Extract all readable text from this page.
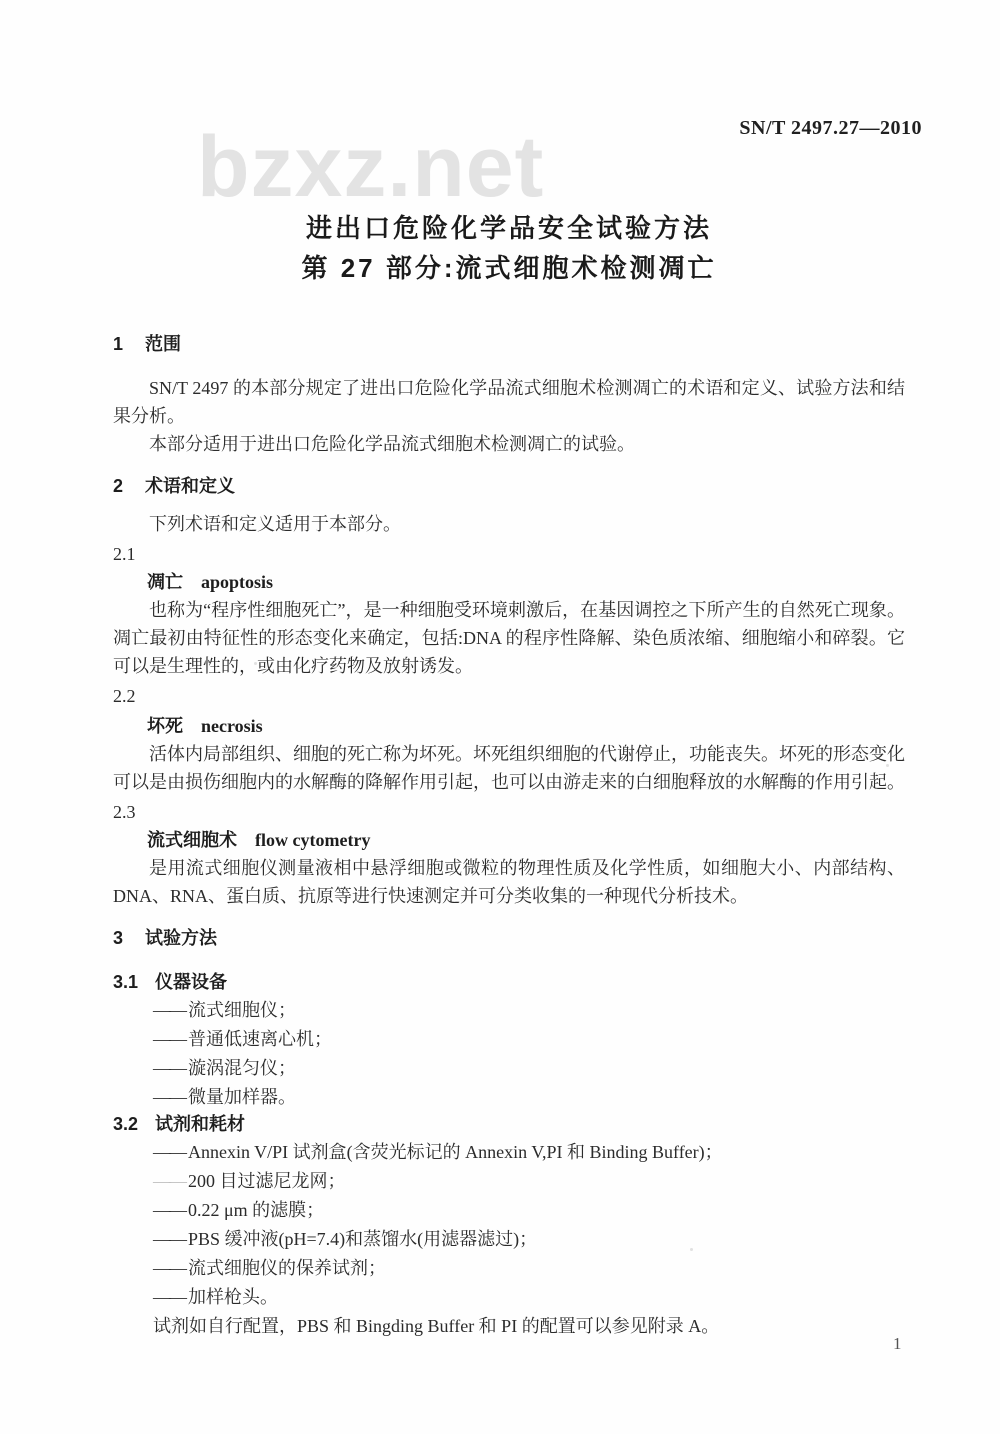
bzxz.net	SN/T 2497.27—2010
进出口危险化学品安全试验方法
第 27 部分:流式细胞术检测凋亡
1 范围

SN/T 2497 的本部分规定了进出口危险化学品流式细胞术检测凋亡的术语和定义、试验方法和结果分析。

本部分适用于进出口危险化学品流式细胞术检测凋亡的试验。

2 术语和定义

下列术语和定义适用于本部分。

2.1
凋亡 apoptosis

也称为“程序性细胞死亡”，是一种细胞受环境刺激后，在基因调控之下所产生的自然死亡现象。凋亡最初由特征性的形态变化来确定，包括:DNA 的程序性降解、染色质浓缩、细胞缩小和碎裂。它可以是生理性的，或由化疗药物及放射诱发。

2.2
坏死 necrosis

活体内局部组织、细胞的死亡称为坏死。坏死组织细胞的代谢停止，功能丧失。坏死的形态变化可以是由损伤细胞内的水解酶的降解作用引起，也可以由游走来的白细胞释放的水解酶的作用引起。

2.3
流式细胞术 flow cytometry

是用流式细胞仪测量液相中悬浮细胞或微粒的物理性质及化学性质，如细胞大小、内部结构、DNA、RNA、蛋白质、抗原等进行快速测定并可分类收集的一种现代分析技术。

3 试验方法
3.1 仪器设备
—— 流式细胞仪；
—— 普通低速离心机；
—— 漩涡混匀仪；
—— 微量加样器。
3.2 试剂和耗材
—— Annexin V/PI 试剂盒(含荧光标记的 Annexin V,PI 和 Binding Buffer)；
—— 200 目过滤尼龙网；
—— 0.22 μm 的滤膜；
—— PBS 缓冲液(pH=7.4)和蒸馏水(用滤器滤过)；
—— 流式细胞仪的保养试剂；
—— 加样枪头。

试剂如自行配置，PBS 和 Bingding Buffer 和 PI 的配置可以参见附录 A。

1
